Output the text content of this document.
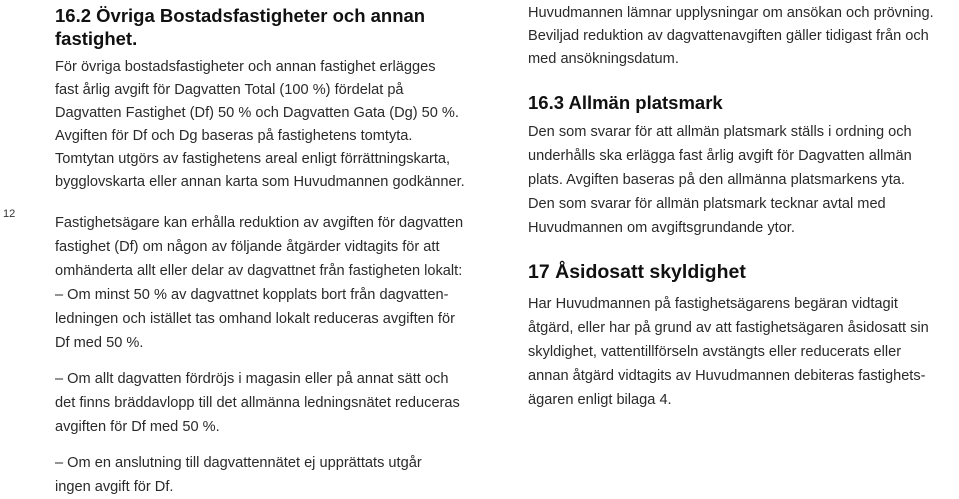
12
16.2 Övriga Bostadsfastigheter och annan
fastighet.
För övriga bostadsfastigheter och annan fastighet erlägges
fast årlig avgift för Dagvatten Total (100 %) fördelat på
Dagvatten Fastighet (Df) 50 % och Dagvatten Gata (Dg) 50 %.
Avgiften för Df och Dg baseras på fastighetens tomtyta.
Tomtytan utgörs av fastighetens areal enligt förrättningskarta,
bygglovskarta eller annan karta som Huvudmannen godkänner.
Fastighetsägare kan erhålla reduktion av avgiften för dagvatten
fastighet (Df) om någon av följande åtgärder vidtagits för att
omhänderta allt eller delar av dagvattnet från fastigheten lokalt:
– Om minst 50 % av dagvattnet kopplats bort från dagvatten-
ledningen och istället tas omhand lokalt reduceras avgiften för
Df med 50 %.
– Om allt dagvatten fördröjs i magasin eller på annat sätt och
det finns bräddavlopp till det allmänna ledningsnätet reduceras
avgiften för Df med 50 %.
– Om en anslutning till dagvattennätet ej upprättats utgår
ingen avgift för Df.
Huvudmannen lämnar upplysningar om ansökan och prövning.
Beviljad reduktion av dagvattenavgiften gäller tidigast från och
med ansökningsdatum.
16.3 Allmän platsmark
Den som svarar för att allmän platsmark ställs i ordning och
underhålls ska erlägga fast årlig avgift för Dagvatten allmän
plats. Avgiften baseras på den allmänna platsmarkens yta.
Den som svarar för allmän platsmark tecknar avtal med
Huvudmannen om avgiftsgrundande ytor.
17 Åsidosatt skyldighet
Har Huvudmannen på fastighetsägarens begäran vidtagit
åtgärd, eller har på grund av att fastighetsägaren åsidosatt sin
skyldighet, vattentillförseln avstängts eller reducerats eller
annan åtgärd vidtagits av Huvudmannen debiteras fastighets-
ägaren enligt bilaga 4.
